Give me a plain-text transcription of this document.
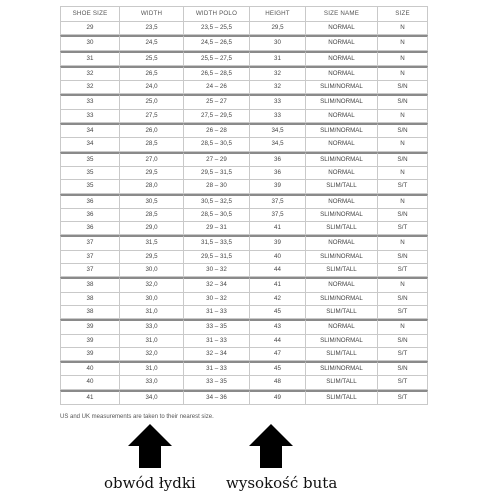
SHOE SIZE	WIDTH	WIDTH POLO	HEIGHT	SIZE NAME	SIZE
29	23,5	23,5 – 25,5	29,5	NORMAL	N
30	24,5	24,5 – 26,5	30	NORMAL	N
31	25,5	25,5 – 27,5	31	NORMAL	N
32	26,5	26,5 – 28,5	32	NORMAL	N
32	24,0	24 – 26	32	SLIM/NORMAL	S/N
33	25,0	25 – 27	33	SLIM/NORMAL	S/N
33	27,5	27,5 – 29,5	33	NORMAL	N
34	26,0	26 – 28	34,5	SLIM/NORMAL	S/N
34	28,5	28,5 – 30,5	34,5	NORMAL	N
35	27,0	27 – 29	36	SLIM/NORMAL	S/N
35	29,5	29,5 – 31,5	36	NORMAL	N
35	28,0	28 – 30	39	SLIM/TALL	S/T
36	30,5	30,5 – 32,5	37,5	NORMAL	N
36	28,5	28,5 – 30,5	37,5	SLIM/NORMAL	S/N
36	29,0	29 – 31	41	SLIM/TALL	S/T
37	31,5	31,5 – 33,5	39	NORMAL	N
37	29,5	29,5 – 31,5	40	SLIM/NORMAL	S/N
37	30,0	30 – 32	44	SLIM/TALL	S/T
38	32,0	32 – 34	41	NORMAL	N
38	30,0	30 – 32	42	SLIM/NORMAL	S/N
38	31,0	31 – 33	45	SLIM/TALL	S/T
39	33,0	33 – 35	43	NORMAL	N
39	31,0	31 – 33	44	SLIM/NORMAL	S/N
39	32,0	32 – 34	47	SLIM/TALL	S/T
40	31,0	31 – 33	45	SLIM/NORMAL	S/N
40	33,0	33 – 35	48	SLIM/TALL	S/T
41	34,0	34 – 36	49	SLIM/TALL	S/T
US and UK measurements are taken to their nearest size.
obwód łydki wysokość buta
